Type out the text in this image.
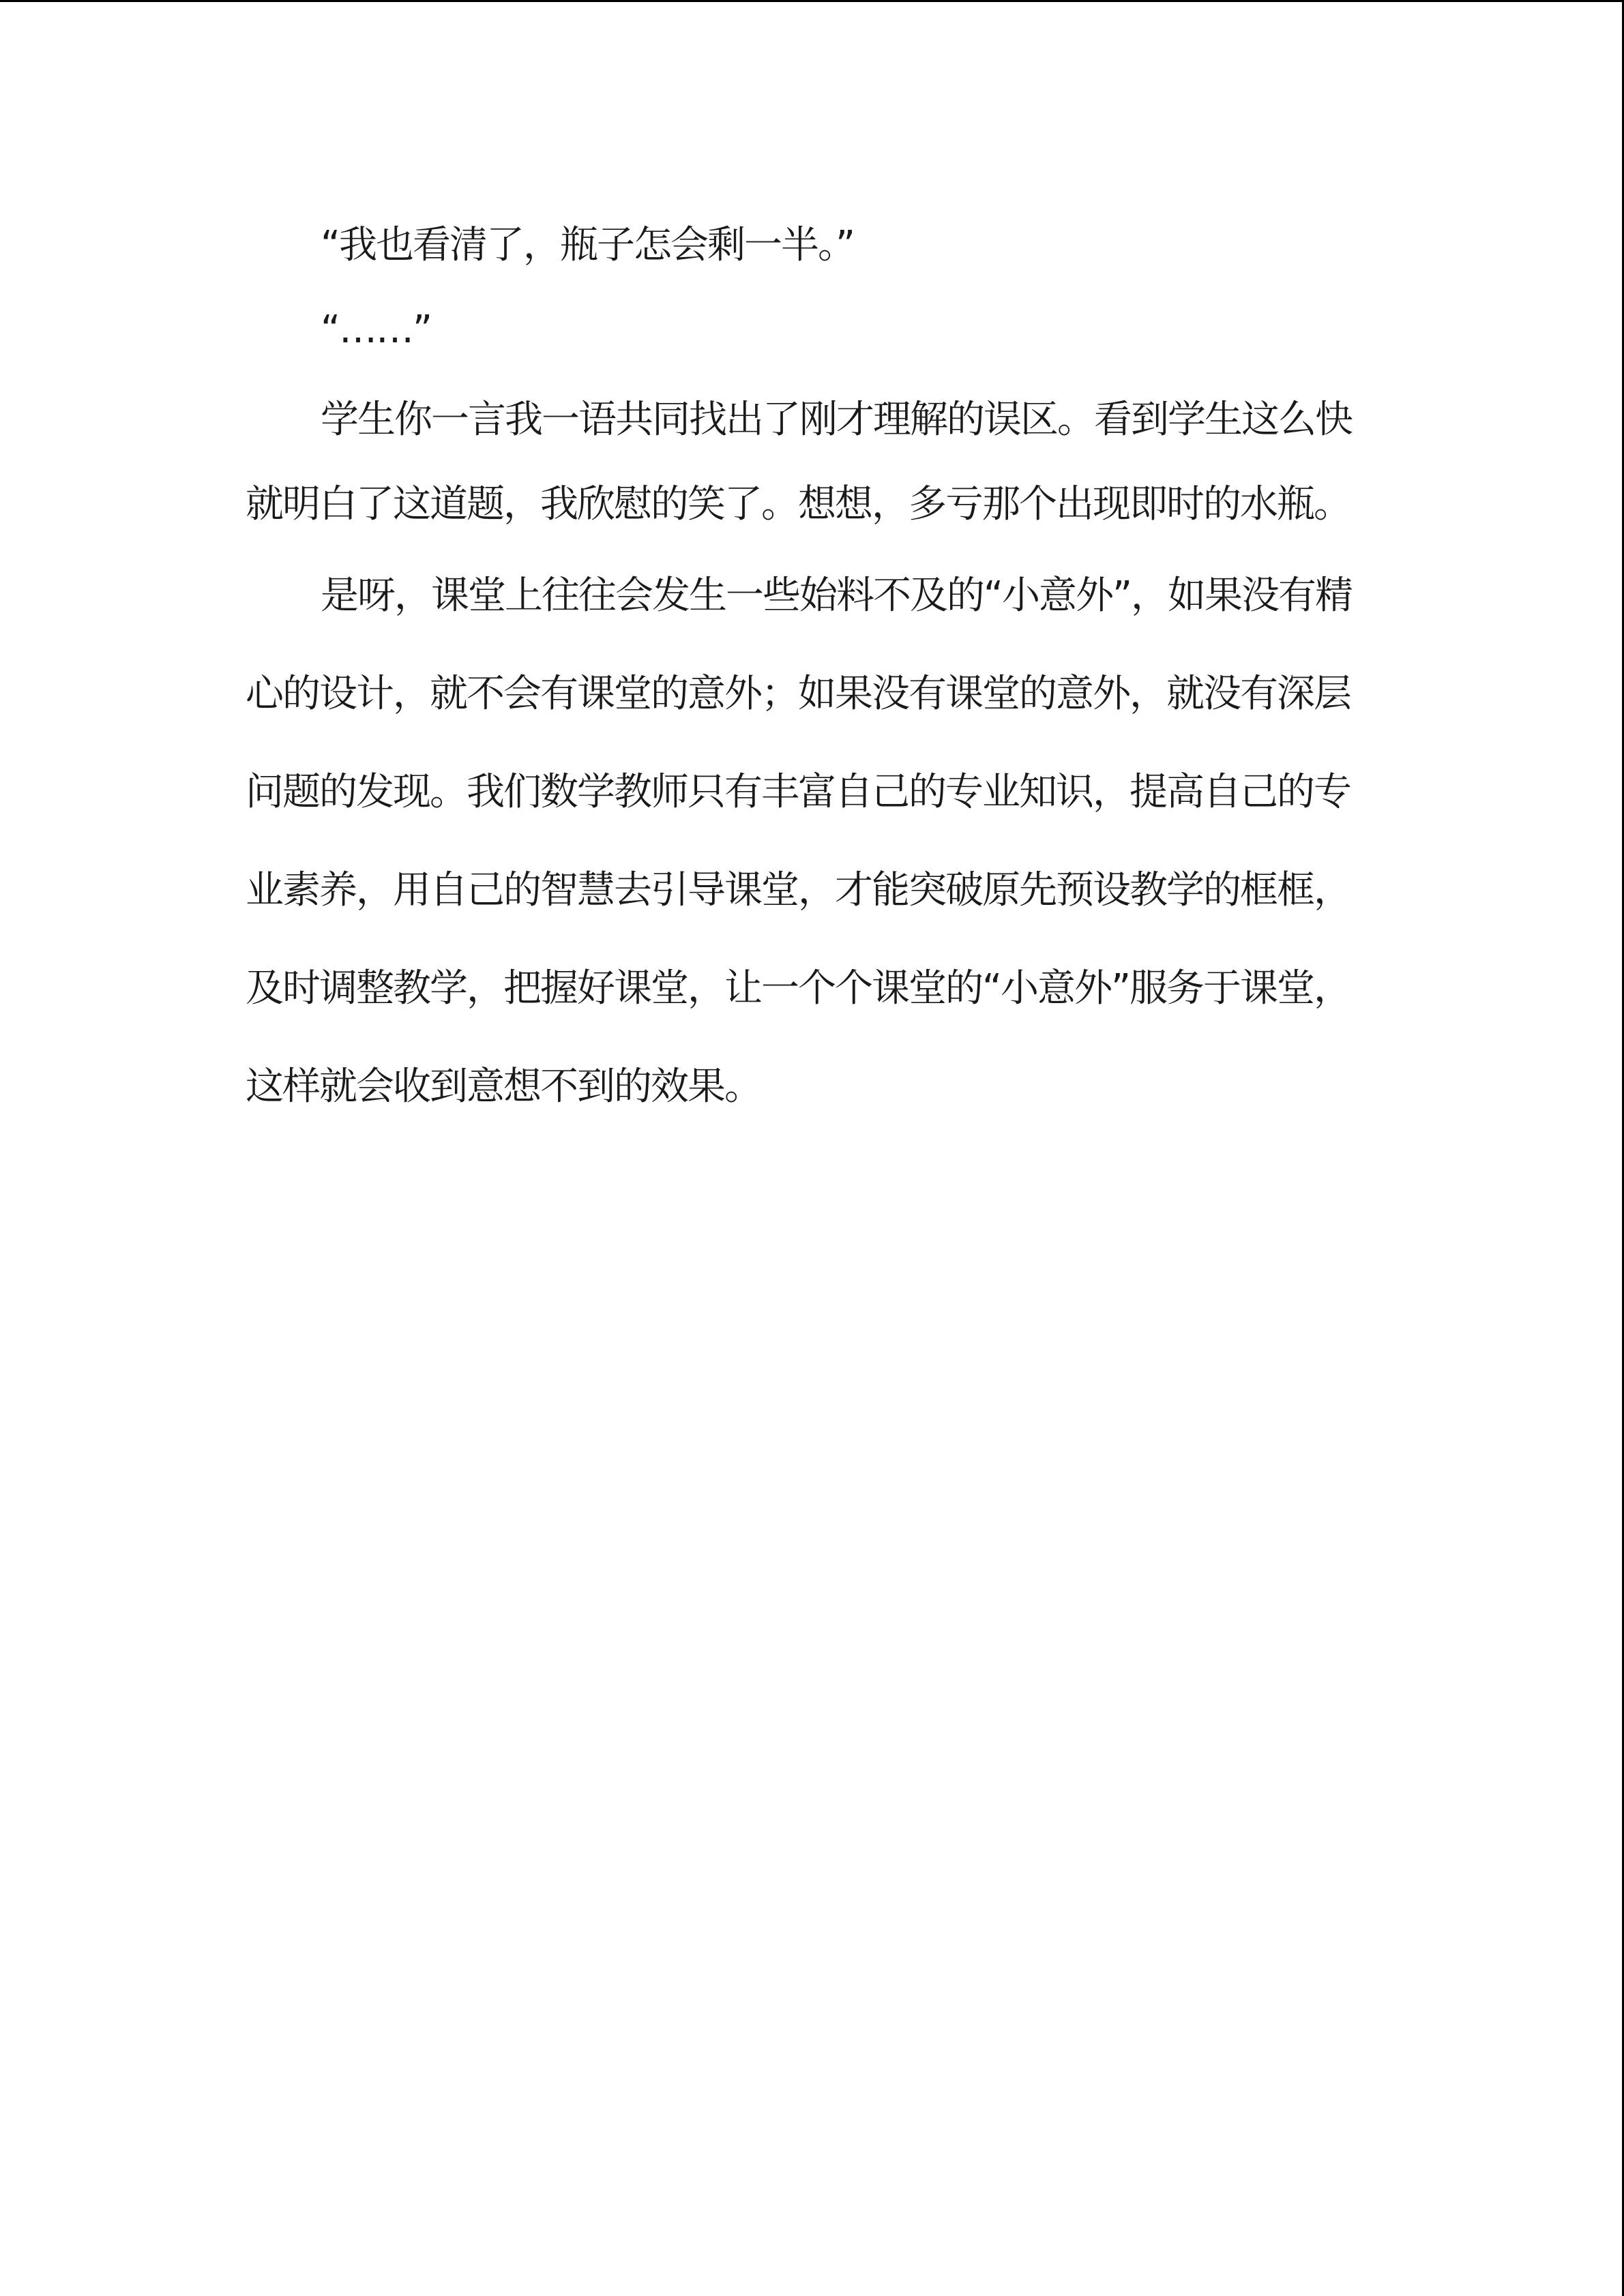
“我也看清了，瓶子怎会剩一半。”

“……”

学生你一言我一语共同找出了刚才理解的误区。看到学生这么快就明白了这道题，我欣慰的笑了。想想，多亏那个出现即时的水瓶。

是呀，课堂上往往会发生一些始料不及的“小意外”，如果没有精心的设计，就不会有课堂的意外；如果没有课堂的意外，就没有深层问题的发现。我们数学教师只有丰富自己的专业知识，提高自己的专业素养，用自己的智慧去引导课堂，才能突破原先预设教学的框框，及时调整教学，把握好课堂，让一个个课堂的“小意外”服务于课堂，这样就会收到意想不到的效果。
